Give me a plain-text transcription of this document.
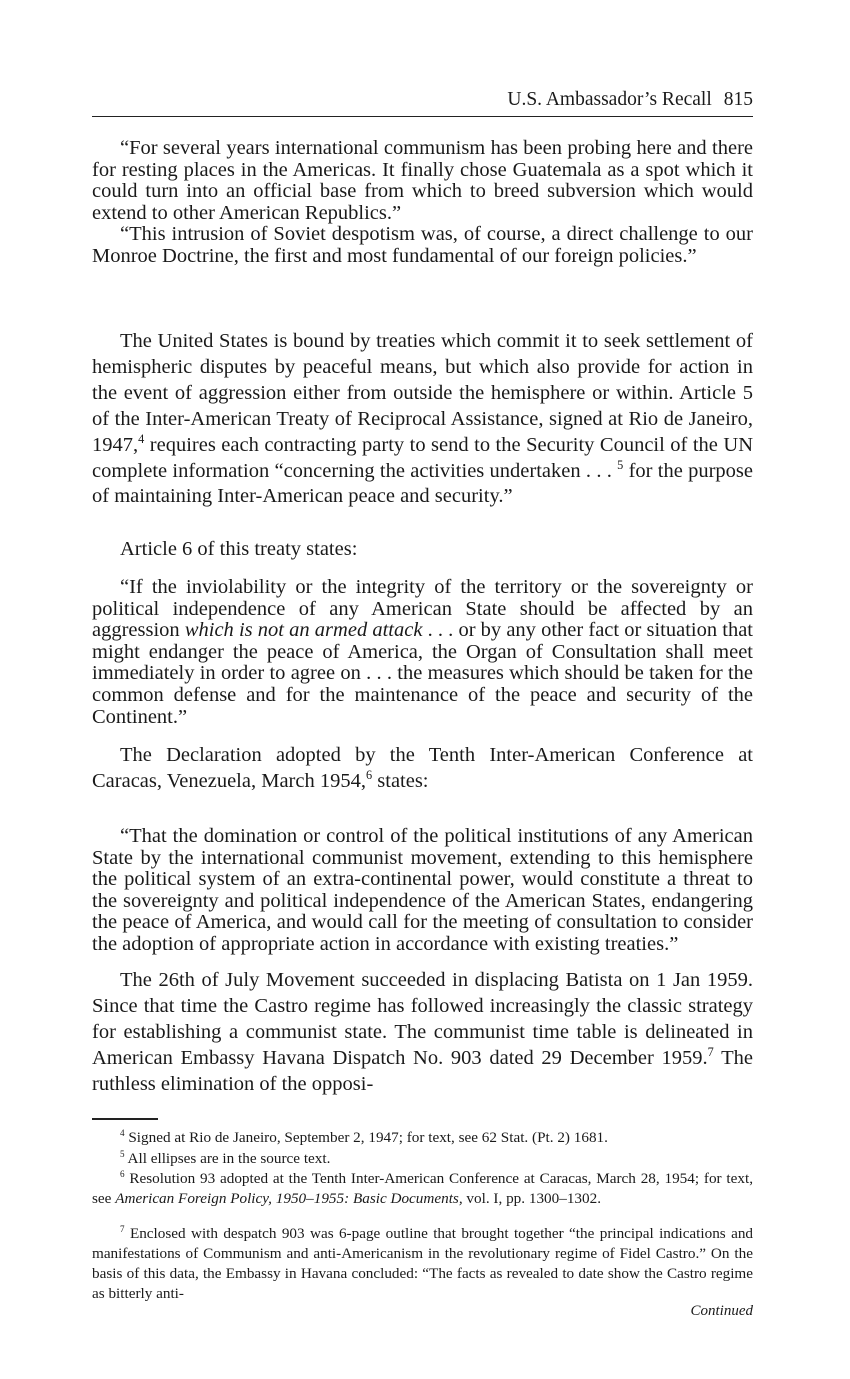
U.S. Ambassador’s Recall 815

“For several years international communism has been probing here and there for resting places in the Americas. It finally chose Guatemala as a spot which it could turn into an official base from which to breed subversion which would extend to other American Republics.”

“This intrusion of Soviet despotism was, of course, a direct challenge to our Monroe Doctrine, the first and most fundamental of our foreign policies.”

The United States is bound by treaties which commit it to seek settlement of hemispheric disputes by peaceful means, but which also provide for action in the event of aggression either from outside the hemisphere or within. Article 5 of the Inter-American Treaty of Reciprocal Assistance, signed at Rio de Janeiro, 1947,$^4$ requires each contracting party to send to the Security Council of the UN complete information “concerning the activities undertaken . . . $^5$ for the purpose of maintaining Inter-American peace and security.”

Article 6 of this treaty states:

“If the inviolability or the integrity of the territory or the sovereignty or political independence of any American State should be affected by an aggression which is not an armed attack . . . or by any other fact or situation that might endanger the peace of America, the Organ of Consultation shall meet immediately in order to agree on . . . the measures which should be taken for the common defense and for the maintenance of the peace and security of the Continent.”

The Declaration adopted by the Tenth Inter-American Conference at Caracas, Venezuela, March 1954,$^6$ states:

“That the domination or control of the political institutions of any American State by the international communist movement, extending to this hemisphere the political system of an extra-continental power, would constitute a threat to the sovereignty and political independence of the American States, endangering the peace of America, and would call for the meeting of consultation to consider the adoption of appropriate action in accordance with existing treaties.”

The 26th of July Movement succeeded in displacing Batista on 1 Jan 1959. Since that time the Castro regime has followed increasingly the classic strategy for establishing a communist state. The communist time table is delineated in American Embassy Havana Dispatch No. 903 dated 29 December 1959.$^7$ The ruthless elimination of the opposi-

$^4$ Signed at Rio de Janeiro, September 2, 1947; for text, see 62 Stat. (Pt. 2) 1681.

$^5$ All ellipses are in the source text.

$^6$ Resolution 93 adopted at the Tenth Inter-American Conference at Caracas, March 28, 1954; for text, see American Foreign Policy, 1950–1955: Basic Documents, vol. I, pp. 1300–1302.

$^7$ Enclosed with despatch 903 was 6-page outline that brought together “the principal indications and manifestations of Communism and anti-Americanism in the revolutionary regime of Fidel Castro.” On the basis of this data, the Embassy in Havana concluded: “The facts as revealed to date show the Castro regime as bitterly anti-

Continued
